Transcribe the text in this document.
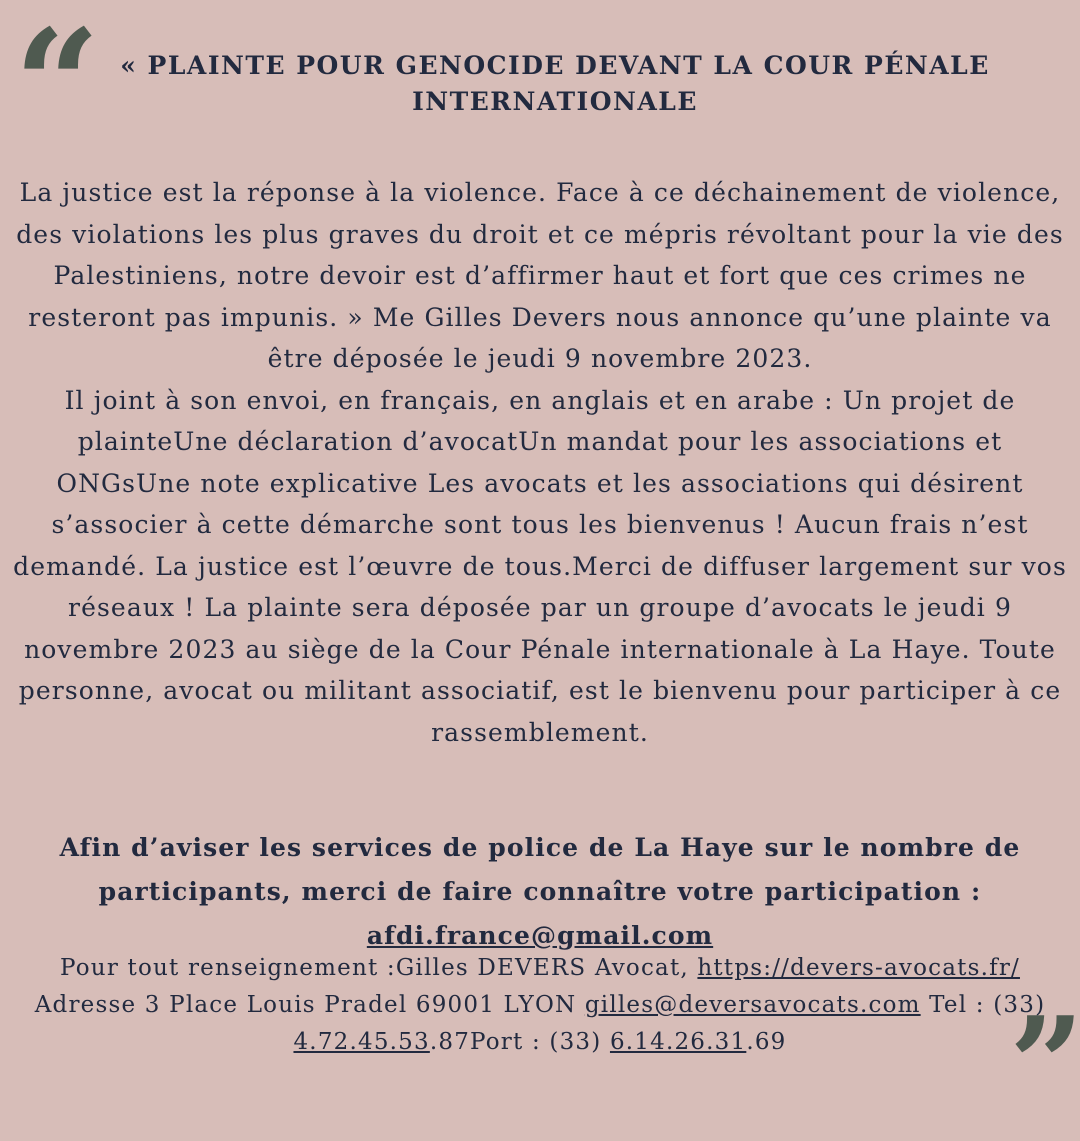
“	« PLAINTE POUR GENOCIDE DEVANT LA COUR PÉNALE INTERNATIONALE

La justice est la réponse à la violence. Face à ce déchainement de violence, des violations les plus graves du droit et ce mépris révoltant pour la vie des Palestiniens, notre devoir est d’affirmer haut et fort que ces crimes ne resteront pas impunis. » Me Gilles Devers nous annonce qu’une plainte va être déposée le jeudi 9 novembre 2023.

Il joint à son envoi, en français, en anglais et en arabe : Un projet de plainteUne déclaration d’avocatUn mandat pour les associations et ONGsUne note explicative Les avocats et les associations qui désirent s’associer à cette démarche sont tous les bienvenus ! Aucun frais n’est demandé. La justice est l’œuvre de tous.Merci de diffuser largement sur vos réseaux ! La plainte sera déposée par un groupe d’avocats le jeudi 9 novembre 2023 au siège de la Cour Pénale internationale à La Haye. Toute personne, avocat ou militant associatif, est le bienvenu pour participer à ce rassemblement.

Afin d’aviser les services de police de La Haye sur le nombre de participants, merci de faire connaître votre participation :
afdi.france@gmail.com

Pour tout renseignement :Gilles DEVERS Avocat, https://devers-avocats.fr/ Adresse 3 Place Louis Pradel 69001 LYON gilles@deversavocats.com Tel : (33) 4.72.45.53.87Port : (33) 6.14.26.31.69	”
